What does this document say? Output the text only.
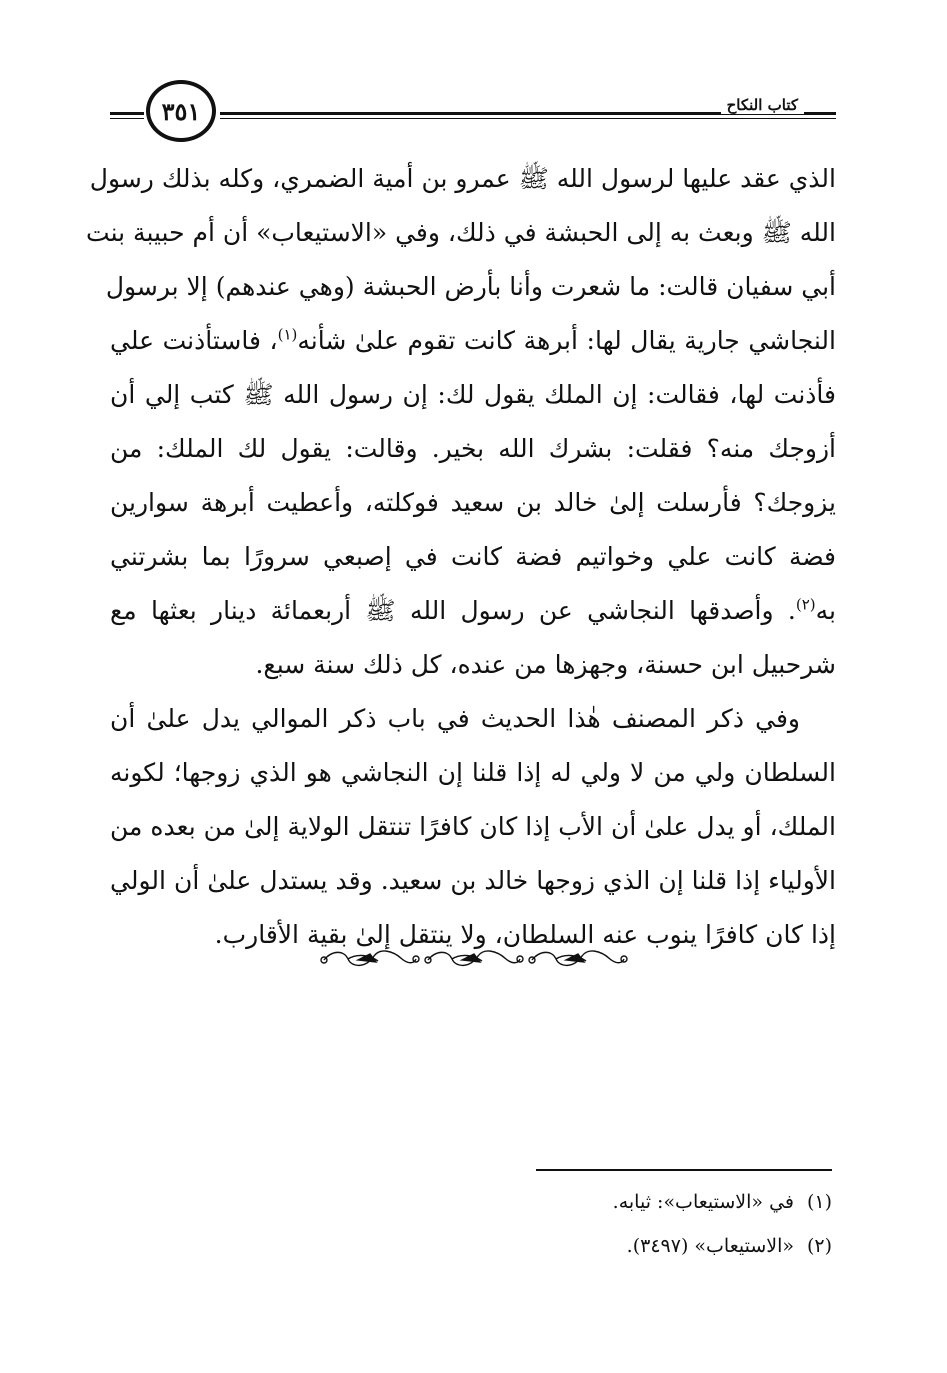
٣٥١	كتاب النكاح
الذي عقد عليها لرسول الله ﷺ عمرو بن أمية الضمري، وكله بذلك رسول
الله ﷺ وبعث به إلى الحبشة في ذلك، وفي «الاستيعاب» أن أم حبيبة بنت
أبي سفيان قالت: ما شعرت وأنا بأرض الحبشة (وهي عندهم) إلا برسول
النجاشي جارية يقال لها: أبرهة كانت تقوم علىٰ شأنه$^{(١)}$، فاستأذنت علي
فأذنت لها، فقالت: إن الملك يقول لك: إن رسول الله ﷺ كتب إلي أن
أزوجك منه؟ فقلت: بشرك الله بخير. وقالت: يقول لك الملك: من
يزوجك؟ فأرسلت إلىٰ خالد بن سعيد فوكلته، وأعطيت أبرهة سوارين
فضة كانت علي وخواتيم فضة كانت في إصبعي سرورًا بما بشرتني
به$^{(٢)}$. وأصدقها النجاشي عن رسول الله ﷺ أربعمائة دينار بعثها مع
شرحبيل ابن حسنة، وجهزها من عنده، كل ذلك سنة سبع.
وفي ذكر المصنف هٰذا الحديث في باب ذكر الموالي يدل علىٰ أن
السلطان ولي من لا ولي له إذا قلنا إن النجاشي هو الذي زوجها؛ لكونه
الملك، أو يدل علىٰ أن الأب إذا كان كافرًا تنتقل الولاية إلىٰ من بعده من
الأولياء إذا قلنا إن الذي زوجها خالد بن سعيد. وقد يستدل علىٰ أن الولي
إذا كان كافرًا ينوب عنه السلطان، ولا ينتقل إلىٰ بقية الأقارب.
(١)في «الاستيعاب»: ثيابه.
(٢)«الاستيعاب» (٣٤٩٧).
